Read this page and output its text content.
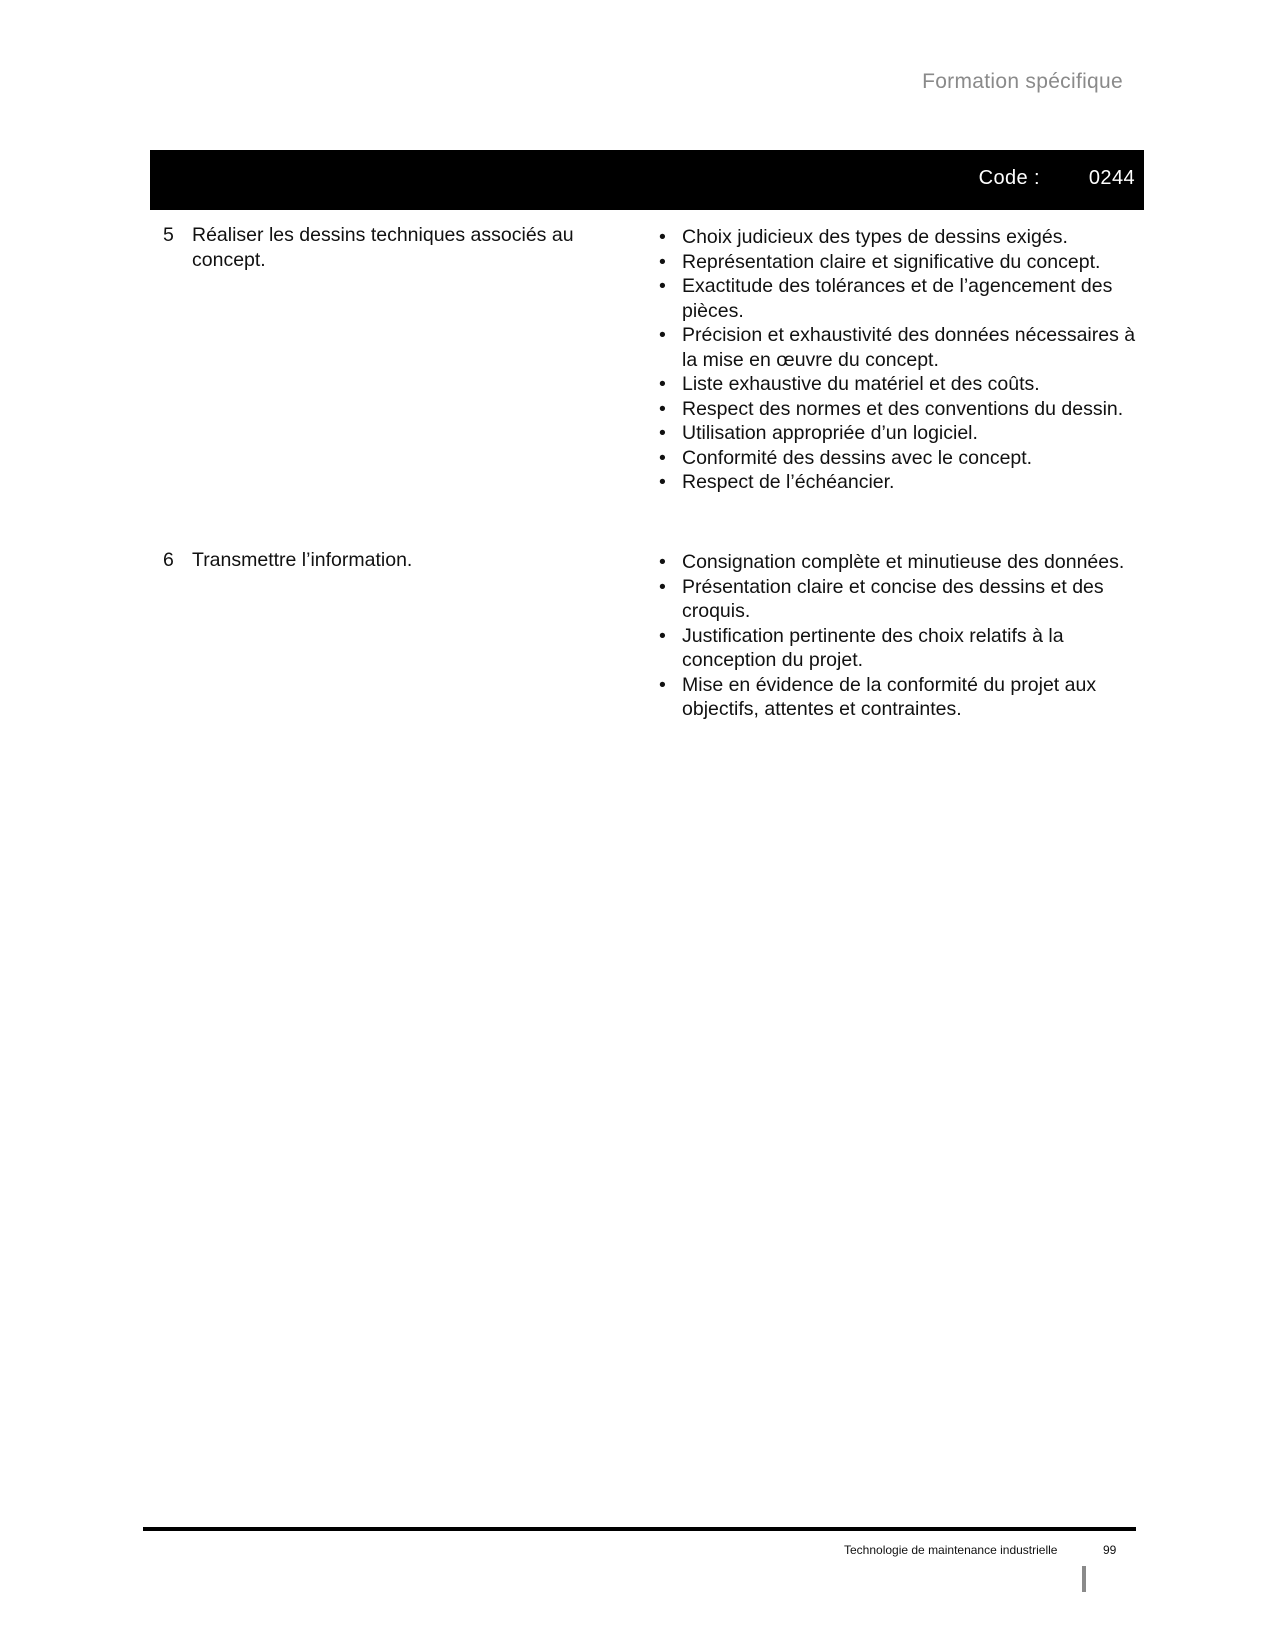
Formation spécifique
Code : 0244
5 Réaliser les dessins techniques associés au concept.
• Choix judicieux des types de dessins exigés.
• Représentation claire et significative du concept.
• Exactitude des tolérances et de l’agencement des pièces.
• Précision et exhaustivité des données nécessaires à la mise en œuvre du concept.
• Liste exhaustive du matériel et des coûts.
• Respect des normes et des conventions du dessin.
• Utilisation appropriée d’un logiciel.
• Conformité des dessins avec le concept.
• Respect de l’échéancier.
6 Transmettre l’information.	• Consignation complète et minutieuse des données.
• Présentation claire et concise des dessins et des croquis.
• Justification pertinente des choix relatifs à la conception du projet.
• Mise en évidence de la conformité du projet aux objectifs, attentes et contraintes.
Technologie de maintenance industrielle	99
